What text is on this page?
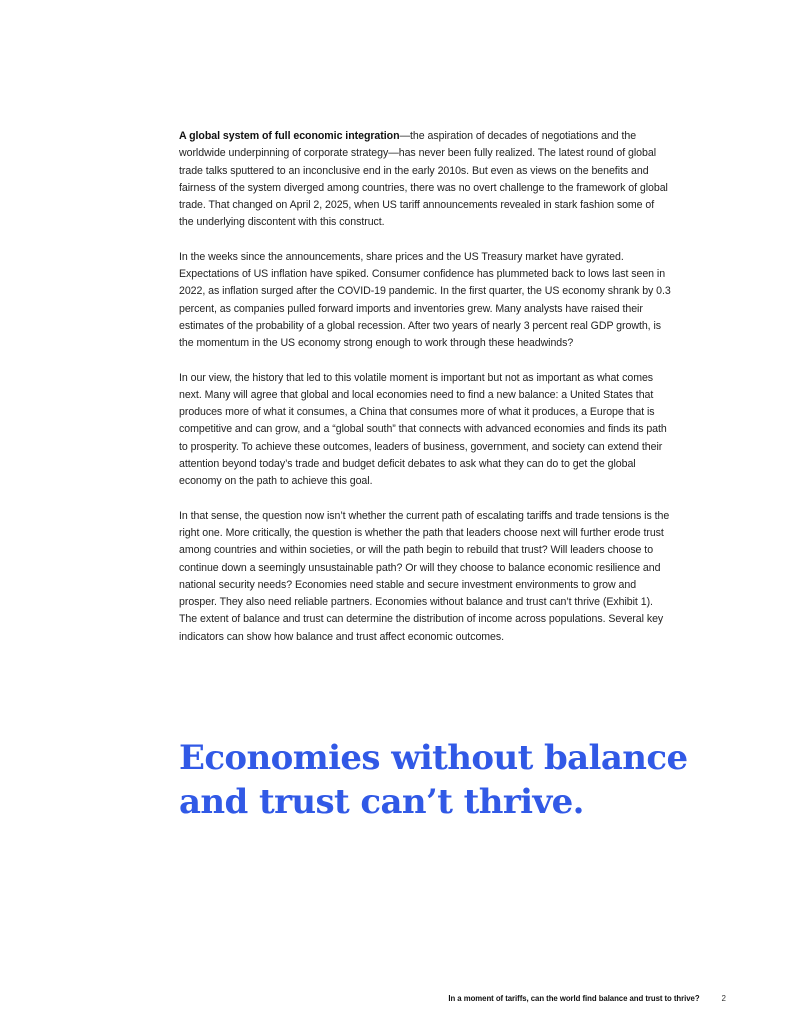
A global system of full economic integration—the aspiration of decades of negotiations and the worldwide underpinning of corporate strategy—has never been fully realized. The latest round of global trade talks sputtered to an inconclusive end in the early 2010s. But even as views on the benefits and fairness of the system diverged among countries, there was no overt challenge to the framework of global trade. That changed on April 2, 2025, when US tariff announcements revealed in stark fashion some of the underlying discontent with this construct.

In the weeks since the announcements, share prices and the US Treasury market have gyrated. Expectations of US inflation have spiked. Consumer confidence has plummeted back to lows last seen in 2022, as inflation surged after the COVID-19 pandemic. In the first quarter, the US economy shrank by 0.3 percent, as companies pulled forward imports and inventories grew. Many analysts have raised their estimates of the probability of a global recession. After two years of nearly 3 percent real GDP growth, is the momentum in the US economy strong enough to work through these headwinds?

In our view, the history that led to this volatile moment is important but not as important as what comes next. Many will agree that global and local economies need to find a new balance: a United States that produces more of what it consumes, a China that consumes more of what it produces, a Europe that is competitive and can grow, and a “global south” that connects with advanced economies and finds its path to prosperity. To achieve these outcomes, leaders of business, government, and society can extend their attention beyond today’s trade and budget deficit debates to ask what they can do to get the global economy on the path to achieve this goal.

In that sense, the question now isn’t whether the current path of escalating tariffs and trade tensions is the right one. More critically, the question is whether the path that leaders choose next will further erode trust among countries and within societies, or will the path begin to rebuild that trust? Will leaders choose to continue down a seemingly unsustainable path? Or will they choose to balance economic resilience and national security needs? Economies need stable and secure investment environments to grow and prosper. They also need reliable partners. Economies without balance and trust can’t thrive (Exhibit 1). The extent of balance and trust can determine the distribution of income across populations. Several key indicators can show how balance and trust affect economic outcomes.

Economies without balance and trust can’t thrive.
In a moment of tariffs, can the world find balance and trust to thrive?	2
